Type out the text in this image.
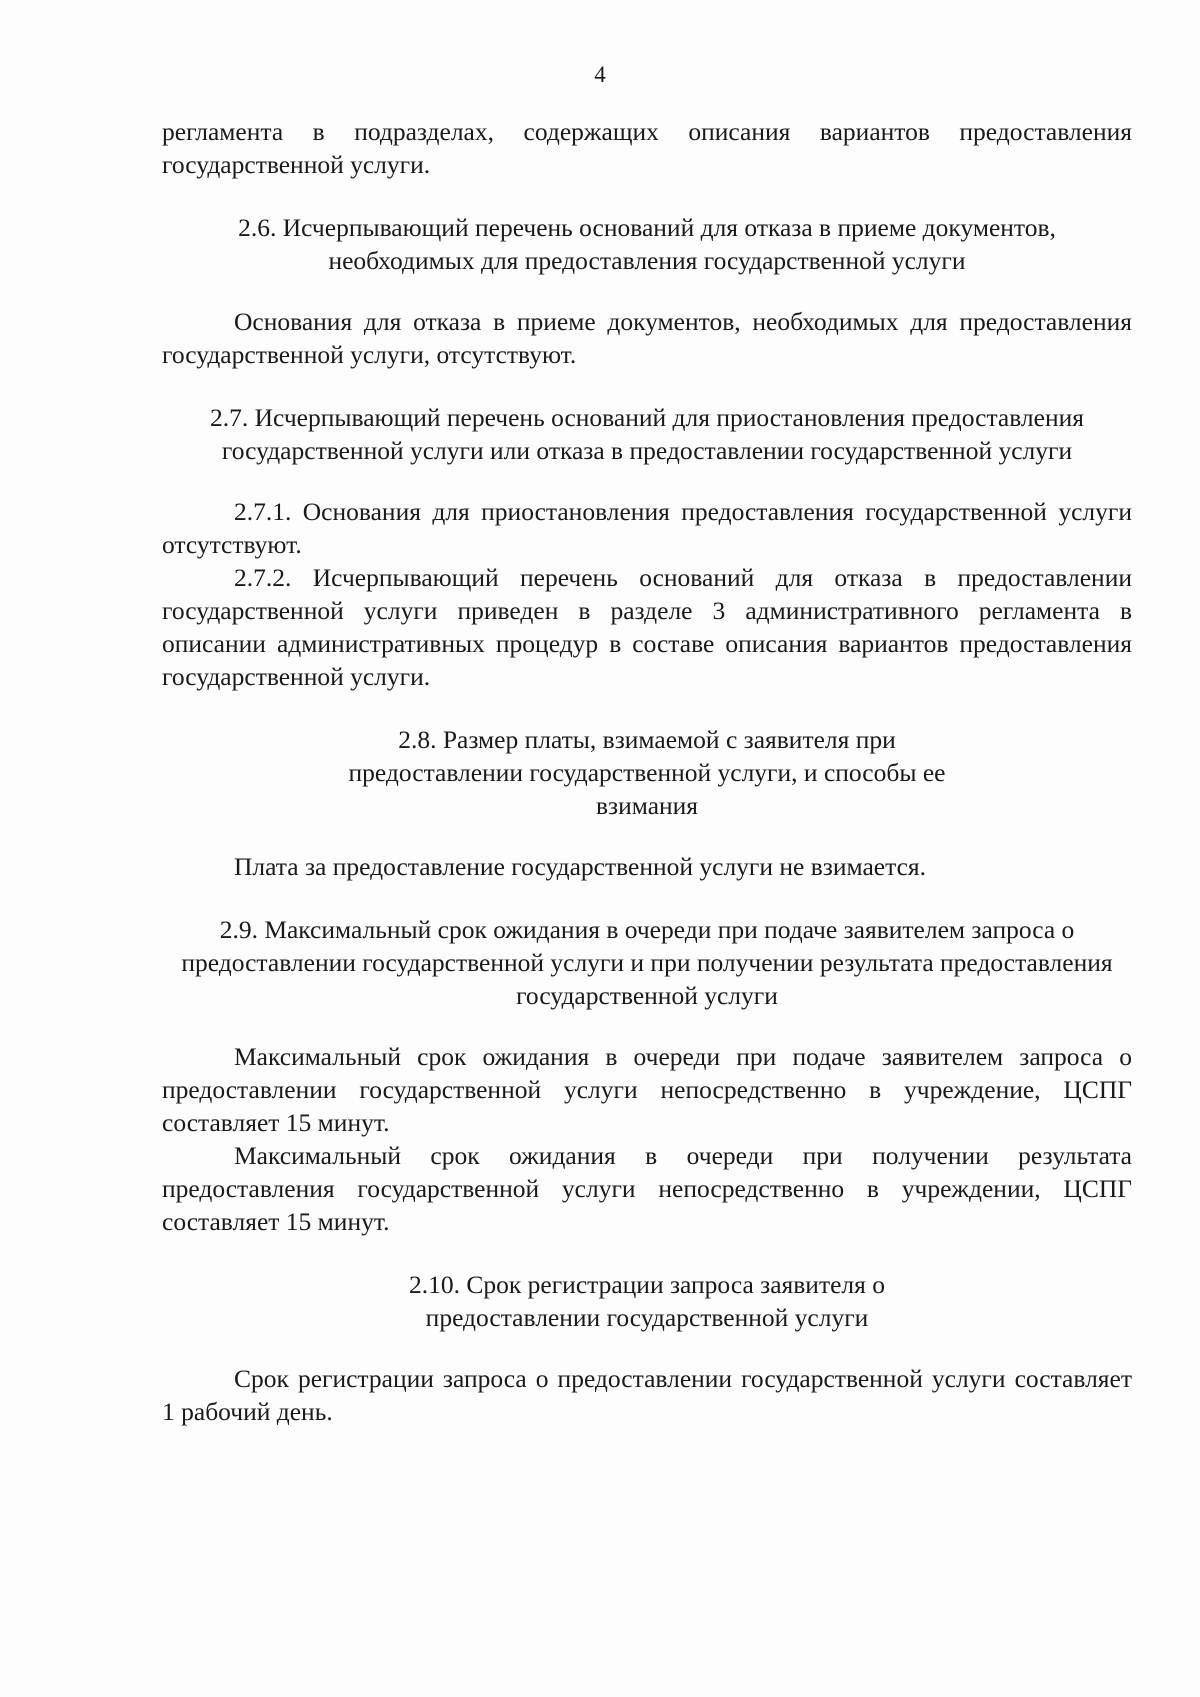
4

регламента в подразделах, содержащих описания вариантов предоставления государственной услуги.

2.6. Исчерпывающий перечень оснований для отказа в приеме документов, необходимых для предоставления государственной услуги

Основания для отказа в приеме документов, необходимых для предоставления государственной услуги, отсутствуют.

2.7. Исчерпывающий перечень оснований для приостановления предоставления государственной услуги или отказа в предоставлении государственной услуги

2.7.1. Основания для приостановления предоставления государственной услуги отсутствуют.

2.7.2. Исчерпывающий перечень оснований для отказа в предоставлении государственной услуги приведен в разделе 3 административного регламента в описании административных процедур в составе описания вариантов предоставления государственной услуги.

2.8. Размер платы, взимаемой с заявителя при предоставлении государственной услуги, и способы ее взимания

Плата за предоставление государственной услуги не взимается.

2.9. Максимальный срок ожидания в очереди при подаче заявителем запроса о предоставлении государственной услуги и при получении результата предоставления государственной услуги

Максимальный срок ожидания в очереди при подаче заявителем запроса о предоставлении государственной услуги непосредственно в учреждение, ЦСПГ составляет 15 минут.

Максимальный срок ожидания в очереди при получении результата предоставления государственной услуги непосредственно в учреждении, ЦСПГ составляет 15 минут.

2.10. Срок регистрации запроса заявителя о предоставлении государственной услуги

Срок регистрации запроса о предоставлении государственной услуги составляет 1 рабочий день.
